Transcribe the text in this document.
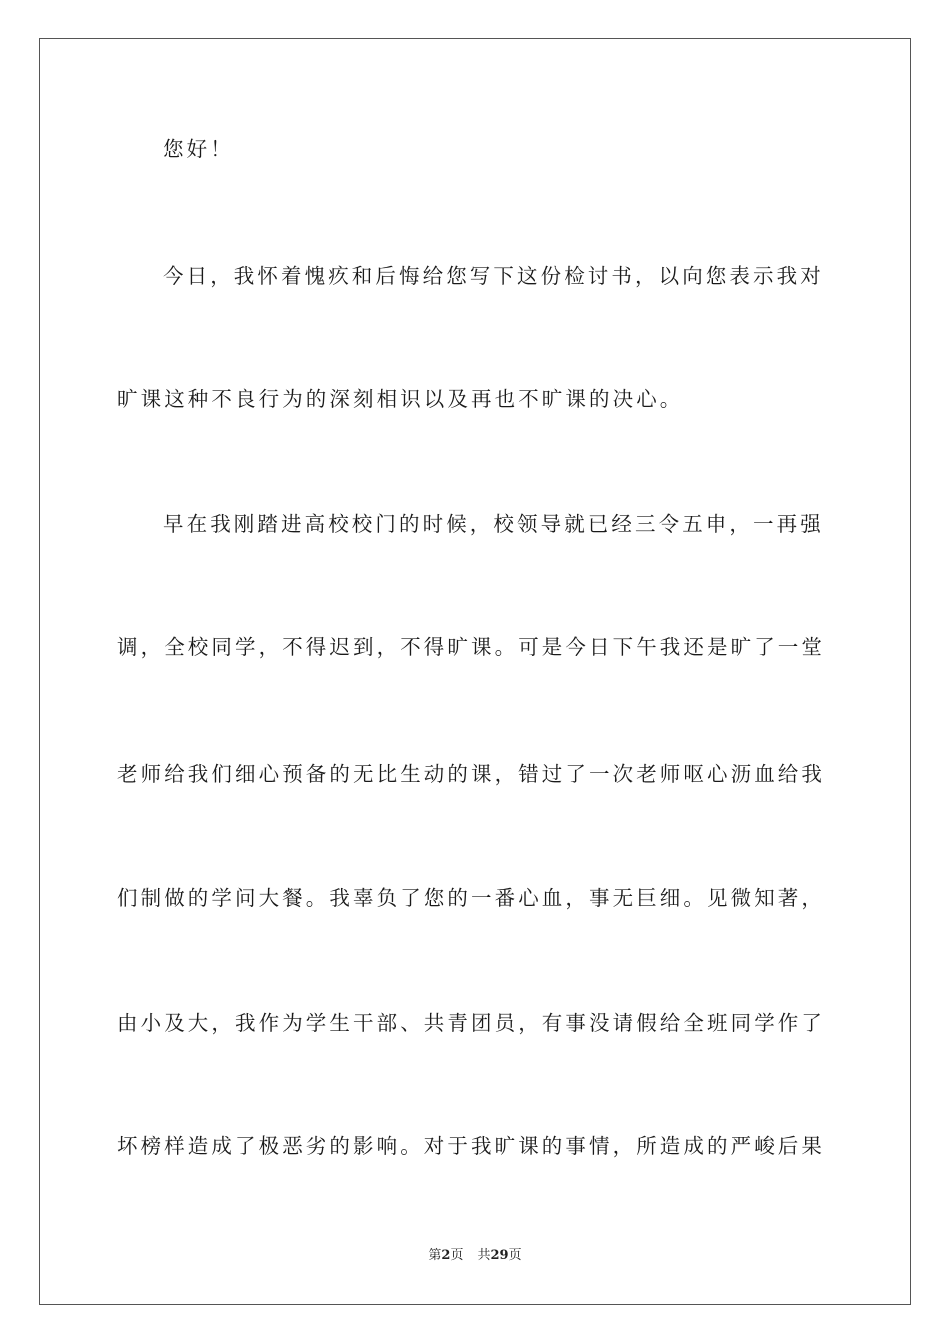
您好！
今日，我怀着愧疚和后悔给您写下这份检讨书，以向您表示我对
旷课这种不良行为的深刻相识以及再也不旷课的决心。
早在我刚踏进高校校门的时候，校领导就已经三令五申，一再强
调，全校同学，不得迟到，不得旷课。可是今日下午我还是旷了一堂
老师给我们细心预备的无比生动的课，错过了一次老师呕心沥血给我
们制做的学问大餐。我辜负了您的一番心血，事无巨细。见微知著，
由小及大，我作为学生干部、共青团员，有事没请假给全班同学作了
坏榜样造成了极恶劣的影响。对于我旷课的事情，所造成的严峻后果
第2页 共29页
